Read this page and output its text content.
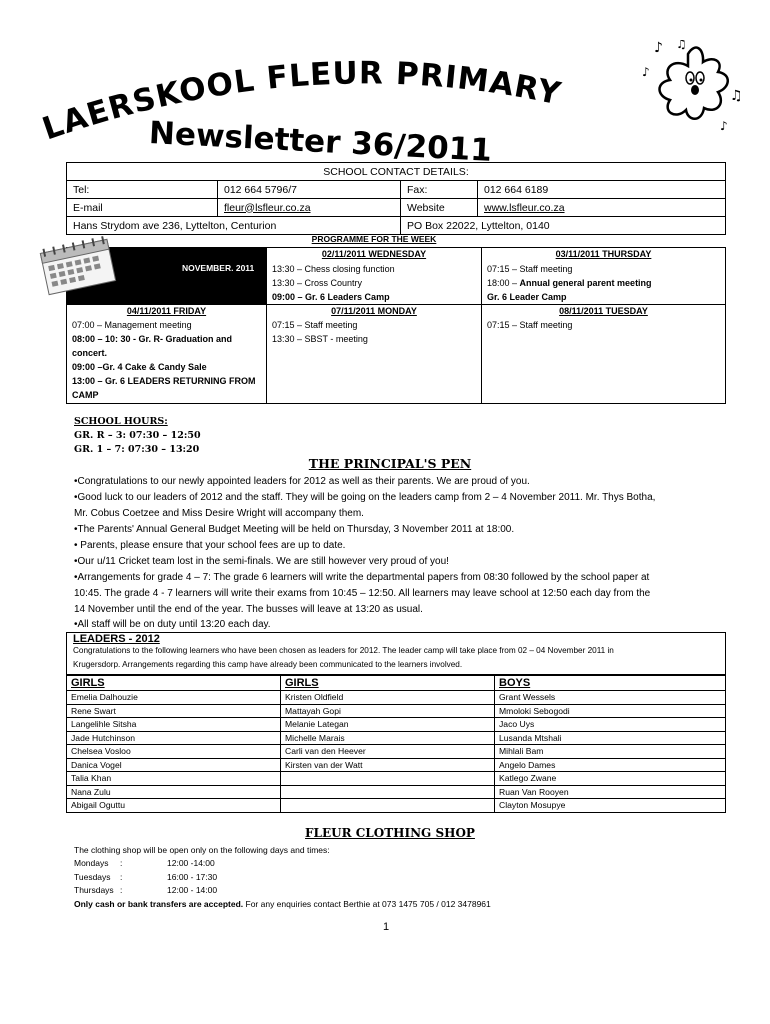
LAERSKOOL FLEUR PRIMARY
Newsletter 36/2011
♪ ♫
♪
♫
♪
SCHOOL CONTACT DETAILS:			
Tel:	012 664 5796/7	Fax:	012 664 6189
E-mail	fleur@lsfleur.co.za	Website	www.lsfleur.co.za
Hans Strydom ave 236, Lyttelton, Centurion		PO Box 22022, Lyttelton, 0140	
PROGRAMME FOR THE WEEK
NOVEMBER. 2011
02/11/2011 WEDNESDAY
13:30 – Chess closing function
13:30 – Cross Country
09:00 – Gr. 6 Leaders Camp
03/11/2011 THURSDAY
07:15 – Staff meeting
18:00 – Annual general parent meeting
Gr. 6 Leader Camp
04/11/2011 FRIDAY
07:00 – Management meeting
08:00 – 10: 30 - Gr. R- Graduation and
concert.
09:00 –Gr. 4 Cake & Candy Sale
13:00 – Gr. 6 LEADERS RETURNING FROM
CAMP
07/11/2011 MONDAY
07:15 – Staff meeting
13:30 – SBST - meeting
08/11/2011 TUESDAY
07:15 – Staff meeting
SCHOOL HOURS:
GR. R – 3: 07:30 – 12:50
GR. 1 – 7: 07:30 – 13:20
THE PRINCIPAL'S PEN
•Congratulations to our newly appointed leaders for 2012 as well as their parents. We are proud of you.
•Good luck to our leaders of 2012 and the staff. They will be going on the leaders camp from 2 – 4 November 2011. Mr. Thys Botha,
Mr. Cobus Coetzee and Miss Desire Wright will accompany them.
•The Parents' Annual General Budget Meeting will be held on Thursday, 3 November 2011 at 18:00.
• Parents, please ensure that your school fees are up to date.
•Our u/11 Cricket team lost in the semi-finals. We are still however very proud of you!
•Arrangements for grade 4 – 7: The grade 6 learners will write the departmental papers from 08:30 followed by the school paper at
10:45. The grade 4 - 7 learners will write their exams from 10:45 – 12:50. All learners may leave school at 12:50 each day from the
14 November until the end of the year. The busses will leave at 13:20 as usual.
•All staff will be on duty until 13:20 each day.
LEADERS - 2012
Congratulations to the following learners who have been chosen as leaders for 2012. The leader camp will take place from 02 – 04 November 2011 in
Krugersdorp. Arrangements regarding this camp have already been communicated to the learners involved.
GIRLS	GIRLS	BOYS
Emelia Dalhouzie	Kristen Oldfield	Grant Wessels
Rene Swart	Mattayah Gopi	Mmoloki Sebogodi
Langelihle Sitsha	Melanie Lategan	Jaco Uys
Jade Hutchinson	Michelle Marais	Lusanda Mtshali
Chelsea Vosloo	Carli van den Heever	Mihlali Bam
Danica Vogel	Kirsten van der Watt	Angelo Dames
Talia Khan		Katlego Zwane
Nana Zulu		Ruan Van Rooyen
Abigail Oguttu		Clayton Mosupye
FLEUR CLOTHING SHOP
The clothing shop will be open only on the following days and times:
Mondays :	12:00 -14:00
Tuesdays :	16:00 - 17:30
Thursdays :	12:00 - 14:00
Only cash or bank transfers are accepted. For any enquiries contact Berthie at 073 1475 705 / 012 3478961
1
